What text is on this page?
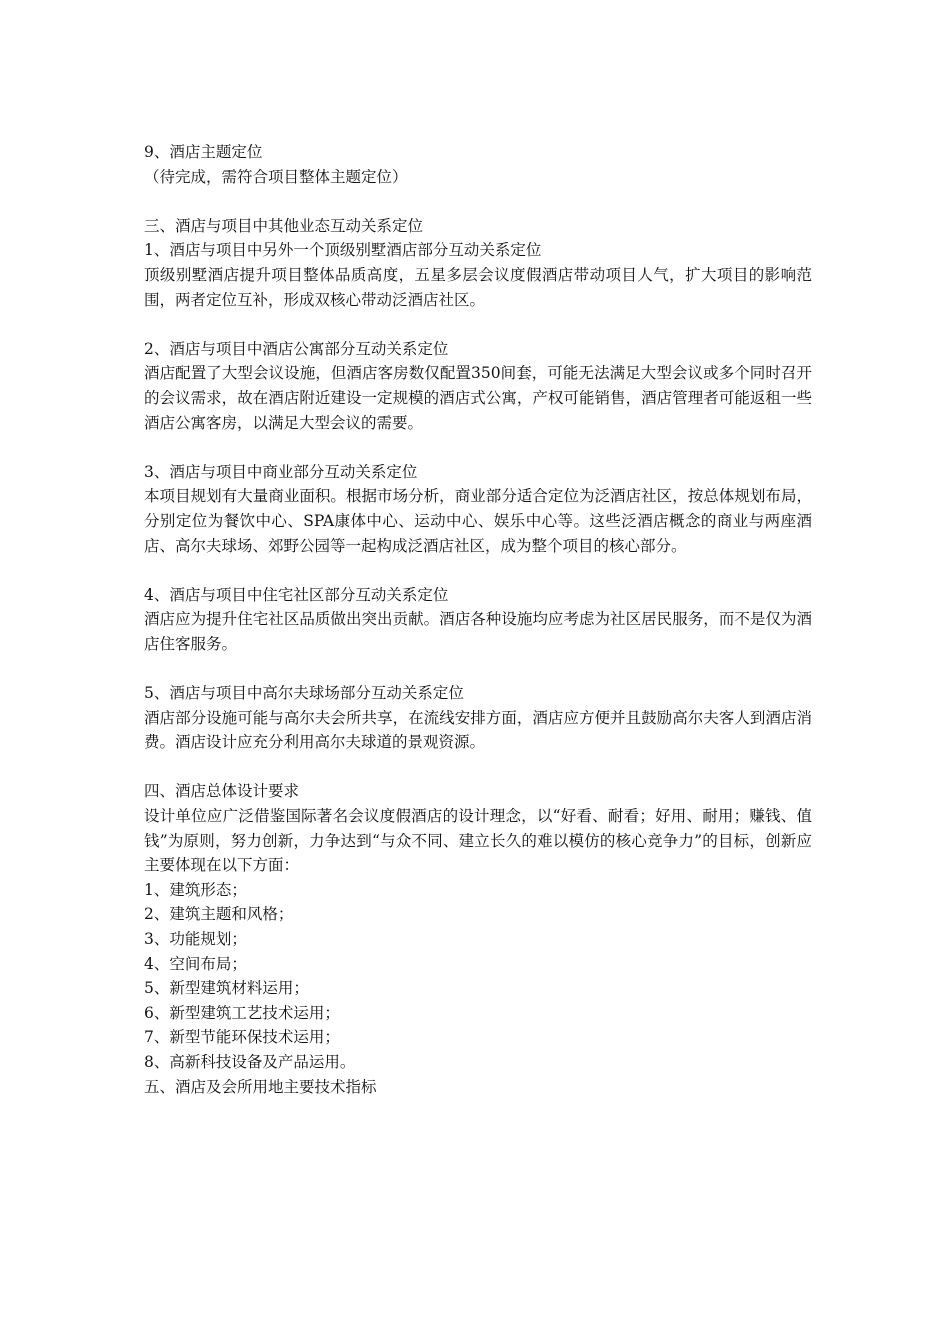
9、酒店主题定位

（待完成，需符合项目整体主题定位）

三、酒店与项目中其他业态互动关系定位

1、酒店与项目中另外一个顶级别墅酒店部分互动关系定位

顶级别墅酒店提升项目整体品质高度，五星多层会议度假酒店带动项目人气，扩大项目的影响范围，两者定位互补，形成双核心带动泛酒店社区。

2、酒店与项目中酒店公寓部分互动关系定位

酒店配置了大型会议设施，但酒店客房数仅配置350间套，可能无法满足大型会议或多个同时召开的会议需求，故在酒店附近建设一定规模的酒店式公寓，产权可能销售，酒店管理者可能返租一些酒店公寓客房，以满足大型会议的需要。

3、酒店与项目中商业部分互动关系定位

本项目规划有大量商业面积。根据市场分析，商业部分适合定位为泛酒店社区，按总体规划布局，分别定位为餐饮中心、SPA康体中心、运动中心、娱乐中心等。这些泛酒店概念的商业与两座酒店、高尔夫球场、郊野公园等一起构成泛酒店社区，成为整个项目的核心部分。

4、酒店与项目中住宅社区部分互动关系定位

酒店应为提升住宅社区品质做出突出贡献。酒店各种设施均应考虑为社区居民服务，而不是仅为酒店住客服务。

5、酒店与项目中高尔夫球场部分互动关系定位

酒店部分设施可能与高尔夫会所共享，在流线安排方面，酒店应方便并且鼓励高尔夫客人到酒店消费。酒店设计应充分利用高尔夫球道的景观资源。

四、酒店总体设计要求

设计单位应广泛借鉴国际著名会议度假酒店的设计理念，以“好看、耐看；好用、耐用；赚钱、值钱”为原则，努力创新，力争达到“与众不同、建立长久的难以模仿的核心竞争力”的目标，创新应主要体现在以下方面：

1、建筑形态；

2、建筑主题和风格；

3、功能规划；

4、空间布局；

5、新型建筑材料运用；

6、新型建筑工艺技术运用；

7、新型节能环保技术运用；

8、高新科技设备及产品运用。

五、酒店及会所用地主要技术指标
